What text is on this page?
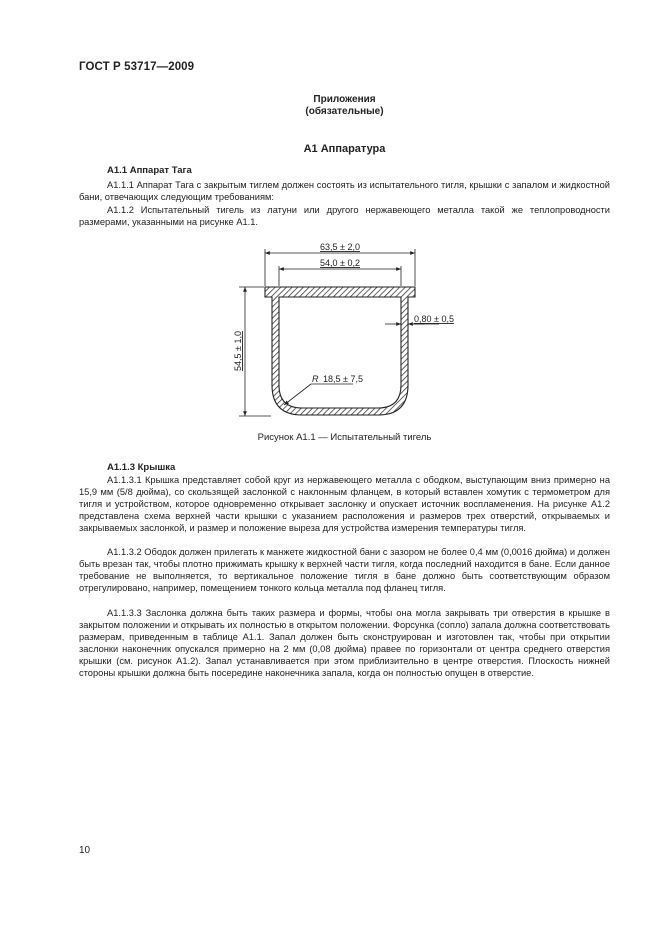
ГОСТ Р 53717—2009
Приложения
(обязательные)
А1 Аппаратура
А1.1 Аппарат Тага

А1.1.1 Аппарат Тага с закрытым тиглем должен состоять из испытательного тигля, крышки с запалом и жидкостной бани, отвечающих следующим требованиям:

А1.1.2 Испытательный тигель из латуни или другого нержавеющего металла такой же теплопроводности размерами, указанными на рисунке А1.1.

63,5 ± 2,0
54,0 ± 0,2
54,5 ± 1,0
0,80 ± 0,5
R 18,5 ± 7,5
Рисунок А1.1 — Испытательный тигель
А1.1.3 Крышка

А1.1.3.1 Крышка представляет собой круг из нержавеющего металла с ободком, выступающим вниз примерно на 15,9 мм (5/8 дюйма), со скользящей заслонкой с наклонным фланцем, в который вставлен хомутик с термометром для тигля и устройством, которое одновременно открывает заслонку и опускает источник воспламенения. На рисунке А1.2 представлена схема верхней части крышки с указанием расположения и размеров трех отверстий, открываемых и закрываемых заслонкой, и размер и положение выреза для устройства измерения температуры тигля.

А1.1.3.2 Ободок должен прилегать к манжете жидкостной бани с зазором не более 0,4 мм (0,0016 дюйма) и должен быть врезан так, чтобы плотно прижимать крышку к верхней части тигля, когда последний находится в бане. Если данное требование не выполняется, то вертикальное положение тигля в бане должно быть соответствующим образом отрегулировано, например, помещением тонкого кольца металла под фланец тигля.

А1.1.3.3 Заслонка должна быть таких размера и формы, чтобы она могла закрывать три отверстия в крышке в закрытом положении и открывать их полностью в открытом положении. Форсунка (сопло) запала должна соответствовать размерам, приведенным в таблице А1.1. Запал должен быть сконструирован и изготовлен так, чтобы при открытии заслонки наконечник опускался примерно на 2 мм (0,08 дюйма) правее по горизонтали от центра среднего отверстия крышки (см. рисунок А1.2). Запал устанавливается при этом приблизительно в центре отверстия. Плоскость нижней стороны крышки должна быть посередине наконечника запала, когда он полностью опущен в отверстие.

10
